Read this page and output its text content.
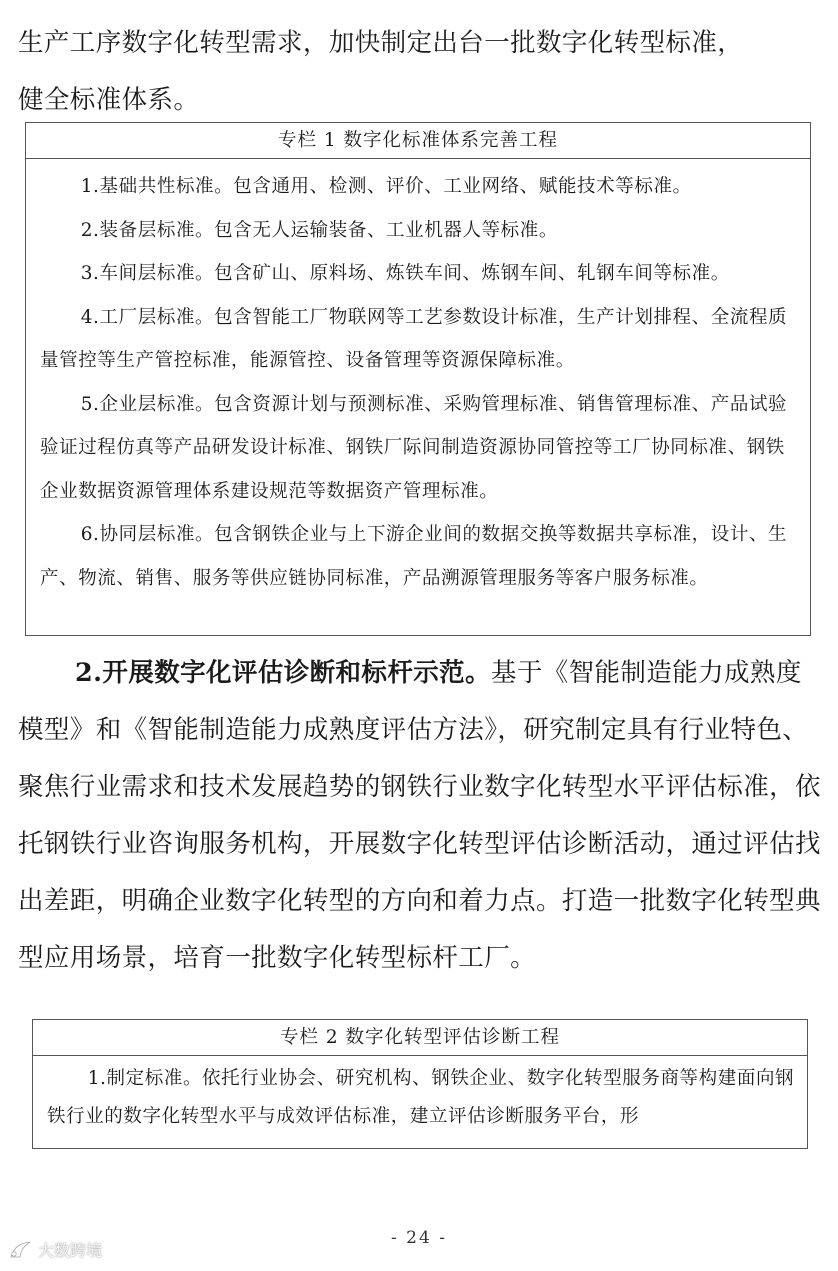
生产工序数字化转型需求，加快制定出台一批数字化转型标准，
健全标准体系。
专栏 1 数字化标准体系完善工程

1.基础共性标准。包含通用、检测、评价、工业网络、赋能技术等标准。

2.装备层标准。包含无人运输装备、工业机器人等标准。

3.车间层标准。包含矿山、原料场、炼铁车间、炼钢车间、轧钢车间等标准。

4.工厂层标准。包含智能工厂物联网等工艺参数设计标准，生产计划排程、全流程质量管控等生产管控标准，能源管控、设备管理等资源保障标准。

5.企业层标准。包含资源计划与预测标准、采购管理标准、销售管理标准、产品试验验证过程仿真等产品研发设计标准、钢铁厂际间制造资源协同管控等工厂协同标准、钢铁企业数据资源管理体系建设规范等数据资产管理标准。

6.协同层标准。包含钢铁企业与上下游企业间的数据交换等数据共享标准，设计、生产、物流、销售、服务等供应链协同标准，产品溯源管理服务等客户服务标准。

2.开展数字化评估诊断和标杆示范。基于《智能制造能力成熟度模型》和《智能制造能力成熟度评估方法》，研究制定具有行业特色、聚焦行业需求和技术发展趋势的钢铁行业数字化转型水平评估标准，依托钢铁行业咨询服务机构，开展数字化转型评估诊断活动，通过评估找出差距，明确企业数字化转型的方向和着力点。打造一批数字化转型典型应用场景，培育一批数字化转型标杆工厂。
专栏 2 数字化转型评估诊断工程

1.制定标准。依托行业协会、研究机构、钢铁企业、数字化转型服务商等构建面向钢铁行业的数字化转型水平与成效评估标准，建立评估诊断服务平台，形

- 24 -
大数跨境
